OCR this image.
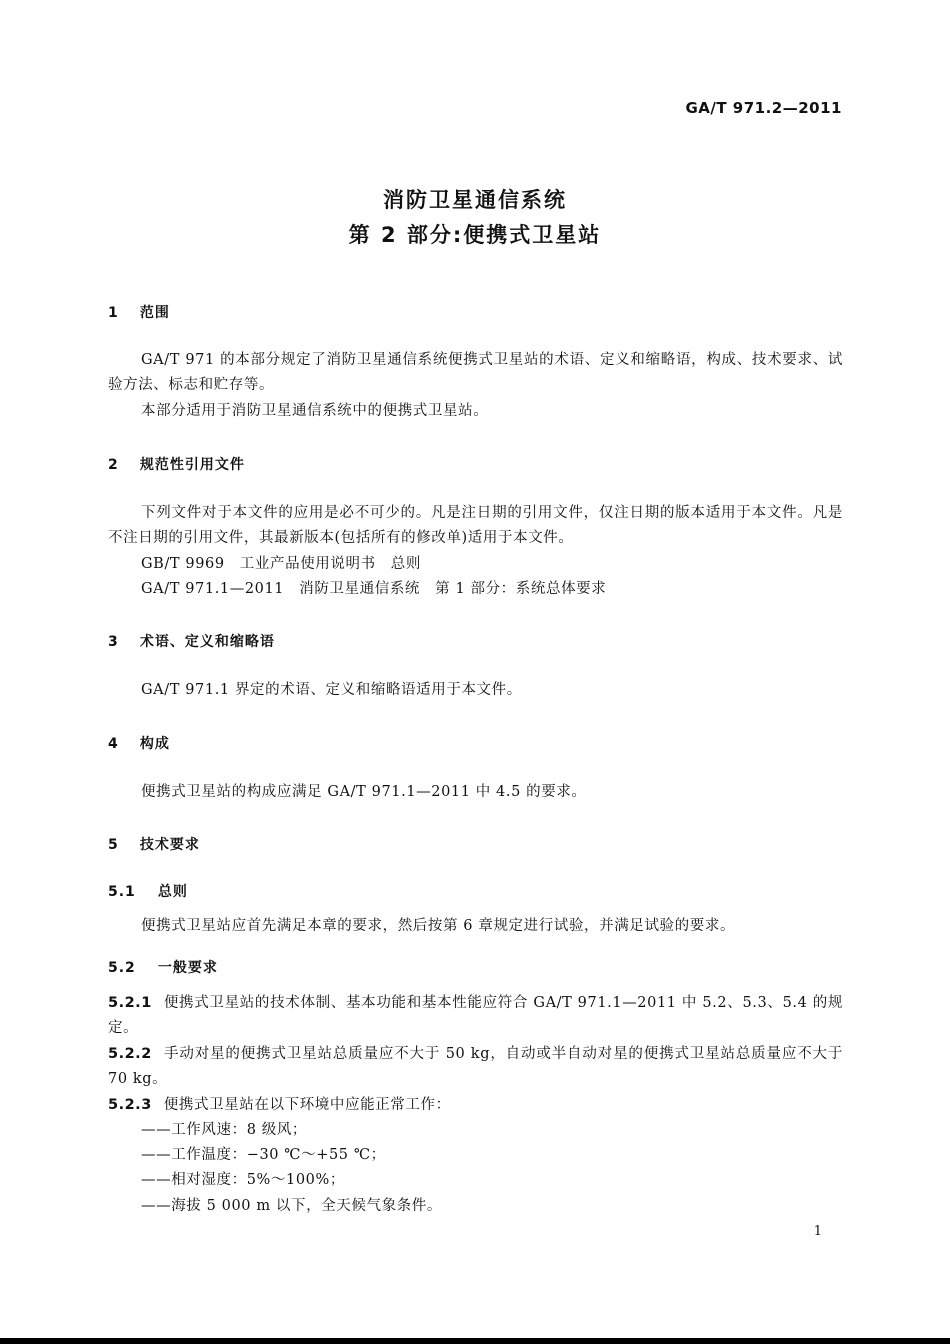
GA/T 971.2—2011
消防卫星通信系统
第 2 部分:便携式卫星站
1 范围
GA/T 971 的本部分规定了消防卫星通信系统便携式卫星站的术语、定义和缩略语，构成、技术要求、试验方法、标志和贮存等。
本部分适用于消防卫星通信系统中的便携式卫星站。
2 规范性引用文件
下列文件对于本文件的应用是必不可少的。凡是注日期的引用文件，仅注日期的版本适用于本文件。凡是不注日期的引用文件，其最新版本(包括所有的修改单)适用于本文件。
GB/T 9969　工业产品使用说明书　总则
GA/T 971.1—2011　消防卫星通信系统　第 1 部分：系统总体要求
3 术语、定义和缩略语
GA/T 971.1 界定的术语、定义和缩略语适用于本文件。
4 构成
便携式卫星站的构成应满足 GA/T 971.1—2011 中 4.5 的要求。
5 技术要求
5.1 总则
便携式卫星站应首先满足本章的要求，然后按第 6 章规定进行试验，并满足试验的要求。
5.2 一般要求
5.2.1 便携式卫星站的技术体制、基本功能和基本性能应符合 GA/T 971.1—2011 中 5.2、5.3、5.4 的规定。
5.2.2 手动对星的便携式卫星站总质量应不大于 50 kg，自动或半自动对星的便携式卫星站总质量应不大于 70 kg。
5.2.3 便携式卫星站在以下环境中应能正常工作：
——工作风速：8 级风；
——工作温度：−30 ℃～+55 ℃；
——相对湿度：5%～100%；
——海拔 5 000 m 以下，全天候气象条件。
1
